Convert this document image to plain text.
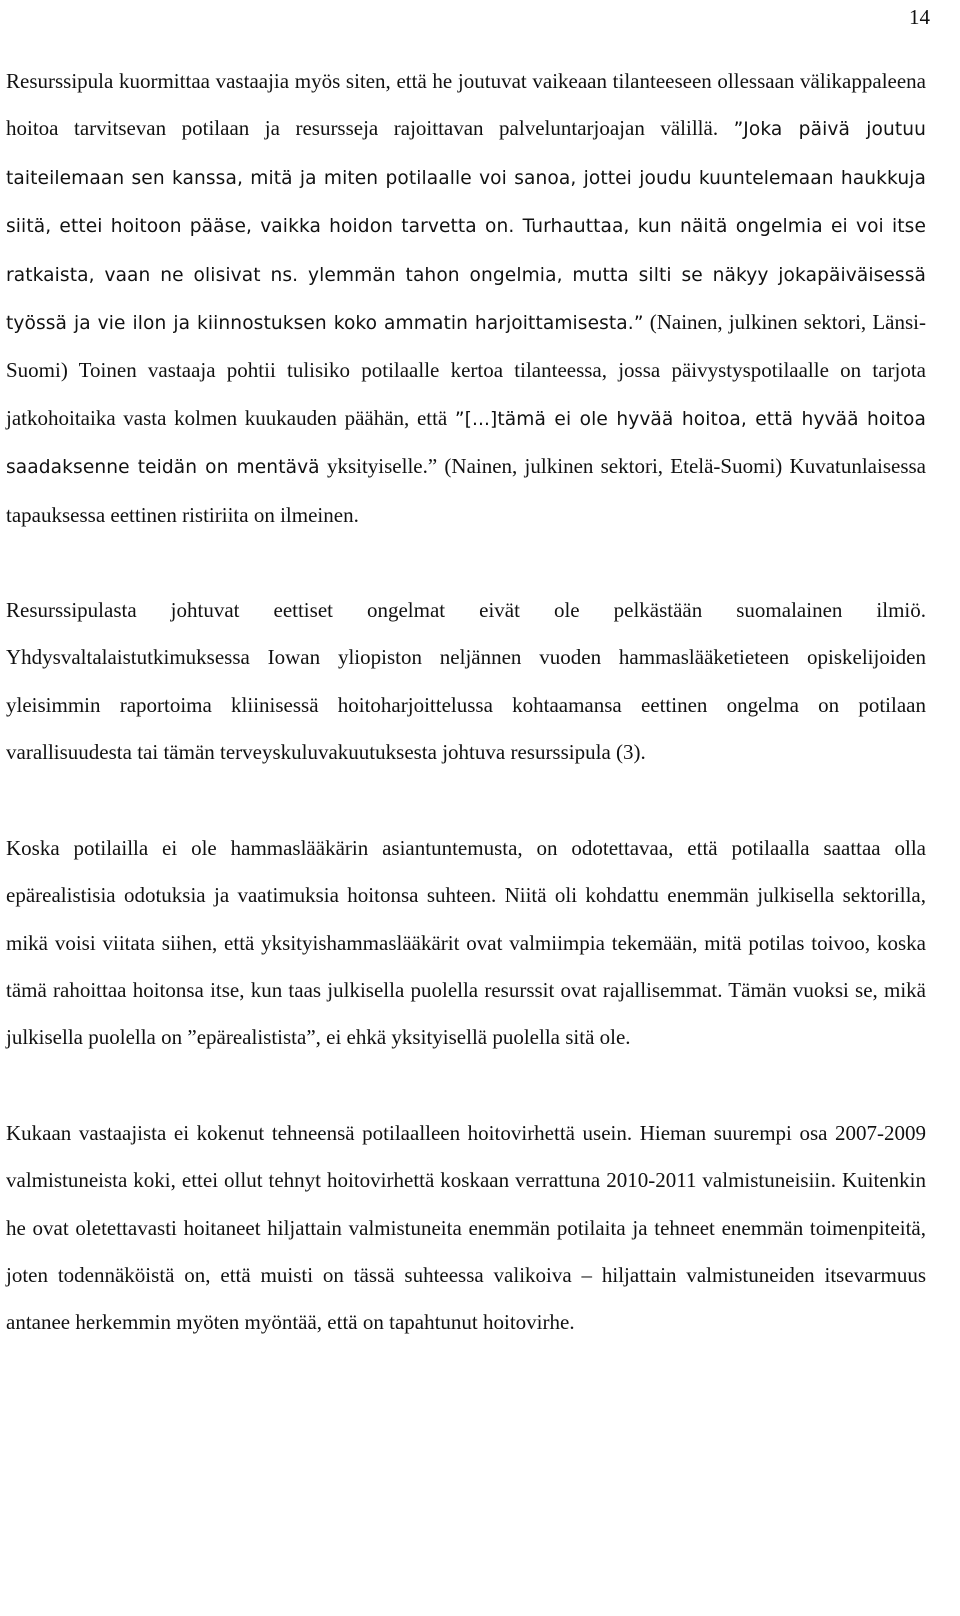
14

Resurssipula kuormittaa vastaajia myös siten, että he joutuvat vaikeaan tilanteeseen ollessaan välikappaleena hoitoa tarvitsevan potilaan ja resursseja rajoittavan palveluntarjoajan välillä. ”Joka päivä joutuu taiteilemaan sen kanssa, mitä ja miten potilaalle voi sanoa, jottei joudu kuuntelemaan haukkuja siitä, ettei hoitoon pääse, vaikka hoidon tarvetta on. Turhauttaa, kun näitä ongelmia ei voi itse ratkaista, vaan ne olisivat ns. ylemmän tahon ongelmia, mutta silti se näkyy jokapäiväisessä työssä ja vie ilon ja kiinnostuksen koko ammatin harjoittamisesta.” (Nainen, julkinen sektori, Länsi-Suomi) Toinen vastaaja pohtii tulisiko potilaalle kertoa tilanteessa, jossa päivystyspotilaalle on tarjota jatkohoitaika vasta kolmen kuukauden päähän, että ”[...]tämä ei ole hyvää hoitoa, että hyvää hoitoa saadaksenne teidän on mentävä yksityiselle.” (Nainen, julkinen sektori, Etelä-Suomi) Kuvatunlaisessa tapauksessa eettinen ristiriita on ilmeinen.

Resurssipulasta johtuvat eettiset ongelmat eivät ole pelkästään suomalainen ilmiö. Yhdysvaltalaistutkimuksessa Iowan yliopiston neljännen vuoden hammaslääketieteen opiskelijoiden yleisimmin raportoima kliinisessä hoitoharjoittelussa kohtaamansa eettinen ongelma on potilaan varallisuudesta tai tämän terveyskuluvakuutuksesta johtuva resurssipula (3).

Koska potilailla ei ole hammaslääkärin asiantuntemusta, on odotettavaa, että potilaalla saattaa olla epärealistisia odotuksia ja vaatimuksia hoitonsa suhteen. Niitä oli kohdattu enemmän julkisella sektorilla, mikä voisi viitata siihen, että yksityishammaslääkärit ovat valmiimpia tekemään, mitä potilas toivoo, koska tämä rahoittaa hoitonsa itse, kun taas julkisella puolella resurssit ovat rajallisemmat. Tämän vuoksi se, mikä julkisella puolella on ”epärealistista”, ei ehkä yksityisellä puolella sitä ole.

Kukaan vastaajista ei kokenut tehneensä potilaalleen hoitovirhettä usein. Hieman suurempi osa 2007-2009 valmistuneista koki, ettei ollut tehnyt hoitovirhettä koskaan verrattuna 2010-2011 valmistuneisiin. Kuitenkin he ovat oletettavasti hoitaneet hiljattain valmistuneita enemmän potilaita ja tehneet enemmän toimenpiteitä, joten todennäköistä on, että muisti on tässä suhteessa valikoiva – hiljattain valmistuneiden itsevarmuus antanee herkemmin myöten myöntää, että on tapahtunut hoitovirhe.
